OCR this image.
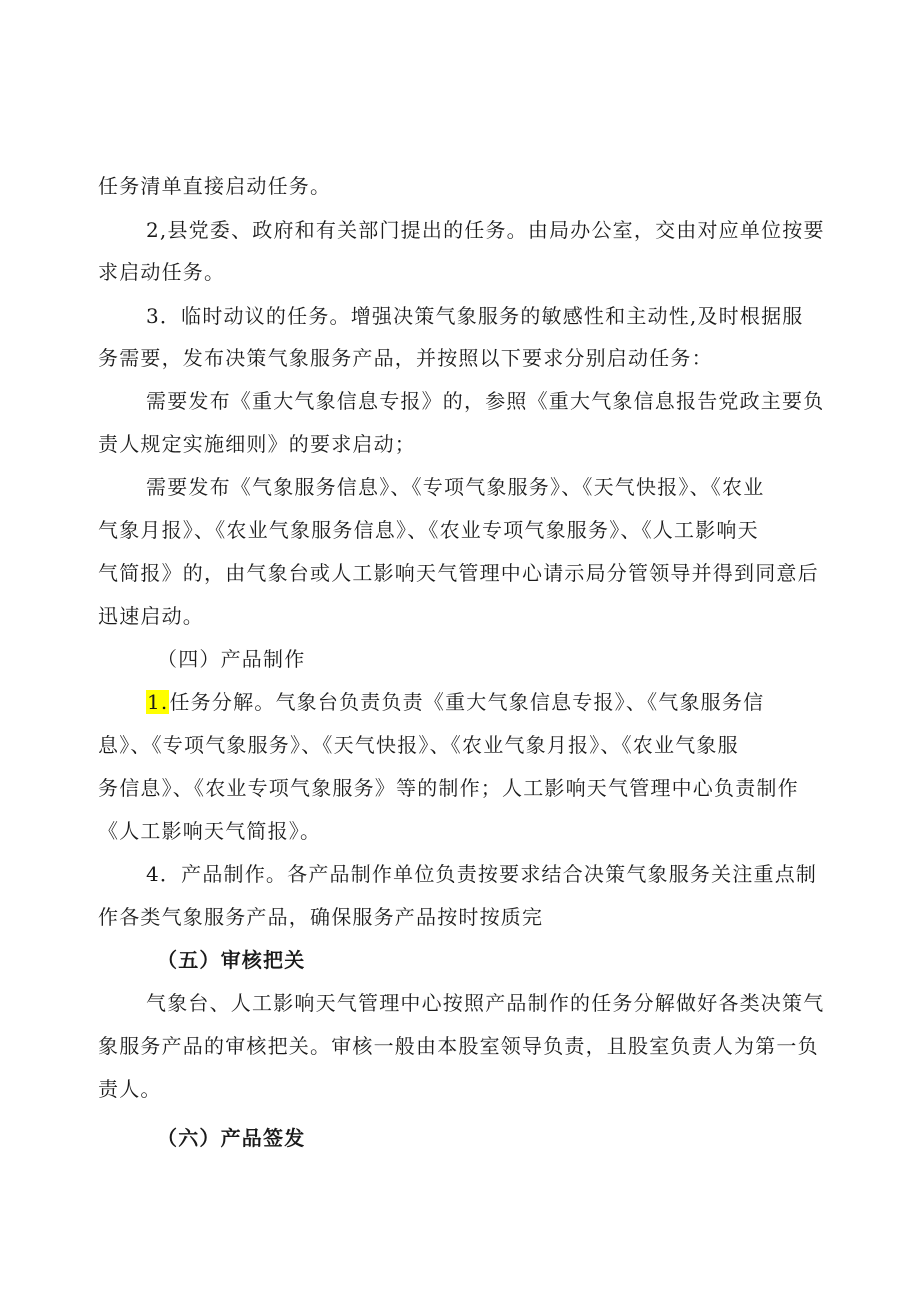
任务清单直接启动任务。

2,县党委、政府和有关部门提出的任务。由局办公室，交由对应单位按要

求启动任务。

3．临时动议的任务。增强决策气象服务的敏感性和主动性,及时根据服

务需要，发布决策气象服务产品，并按照以下要求分别启动任务：

需要发布《重大气象信息专报》的，参照《重大气象信息报告党政主要负

责人规定实施细则》的要求启动；

需要发布《气象服务信息》、《专项气象服务》、《天气快报》、《农业

气象月报》、《农业气象服务信息》、《农业专项气象服务》、《人工影响天

气简报》的，由气象台或人工影响天气管理中心请示局分管领导并得到同意后

迅速启动。

（四）产品制作

1.任务分解。气象台负责负责《重大气象信息专报》、《气象服务信

息》、《专项气象服务》、《天气快报》、《农业气象月报》、《农业气象服

务信息》、《农业专项气象服务》等的制作；人工影响天气管理中心负责制作

《人工影响天气简报》。

4．产品制作。各产品制作单位负责按要求结合决策气象服务关注重点制

作各类气象服务产品，确保服务产品按时按质完

（五）审核把关

气象台、人工影响天气管理中心按照产品制作的任务分解做好各类决策气

象服务产品的审核把关。审核一般由本股室领导负责，且股室负责人为第一负

责人。

（六）产品签发
